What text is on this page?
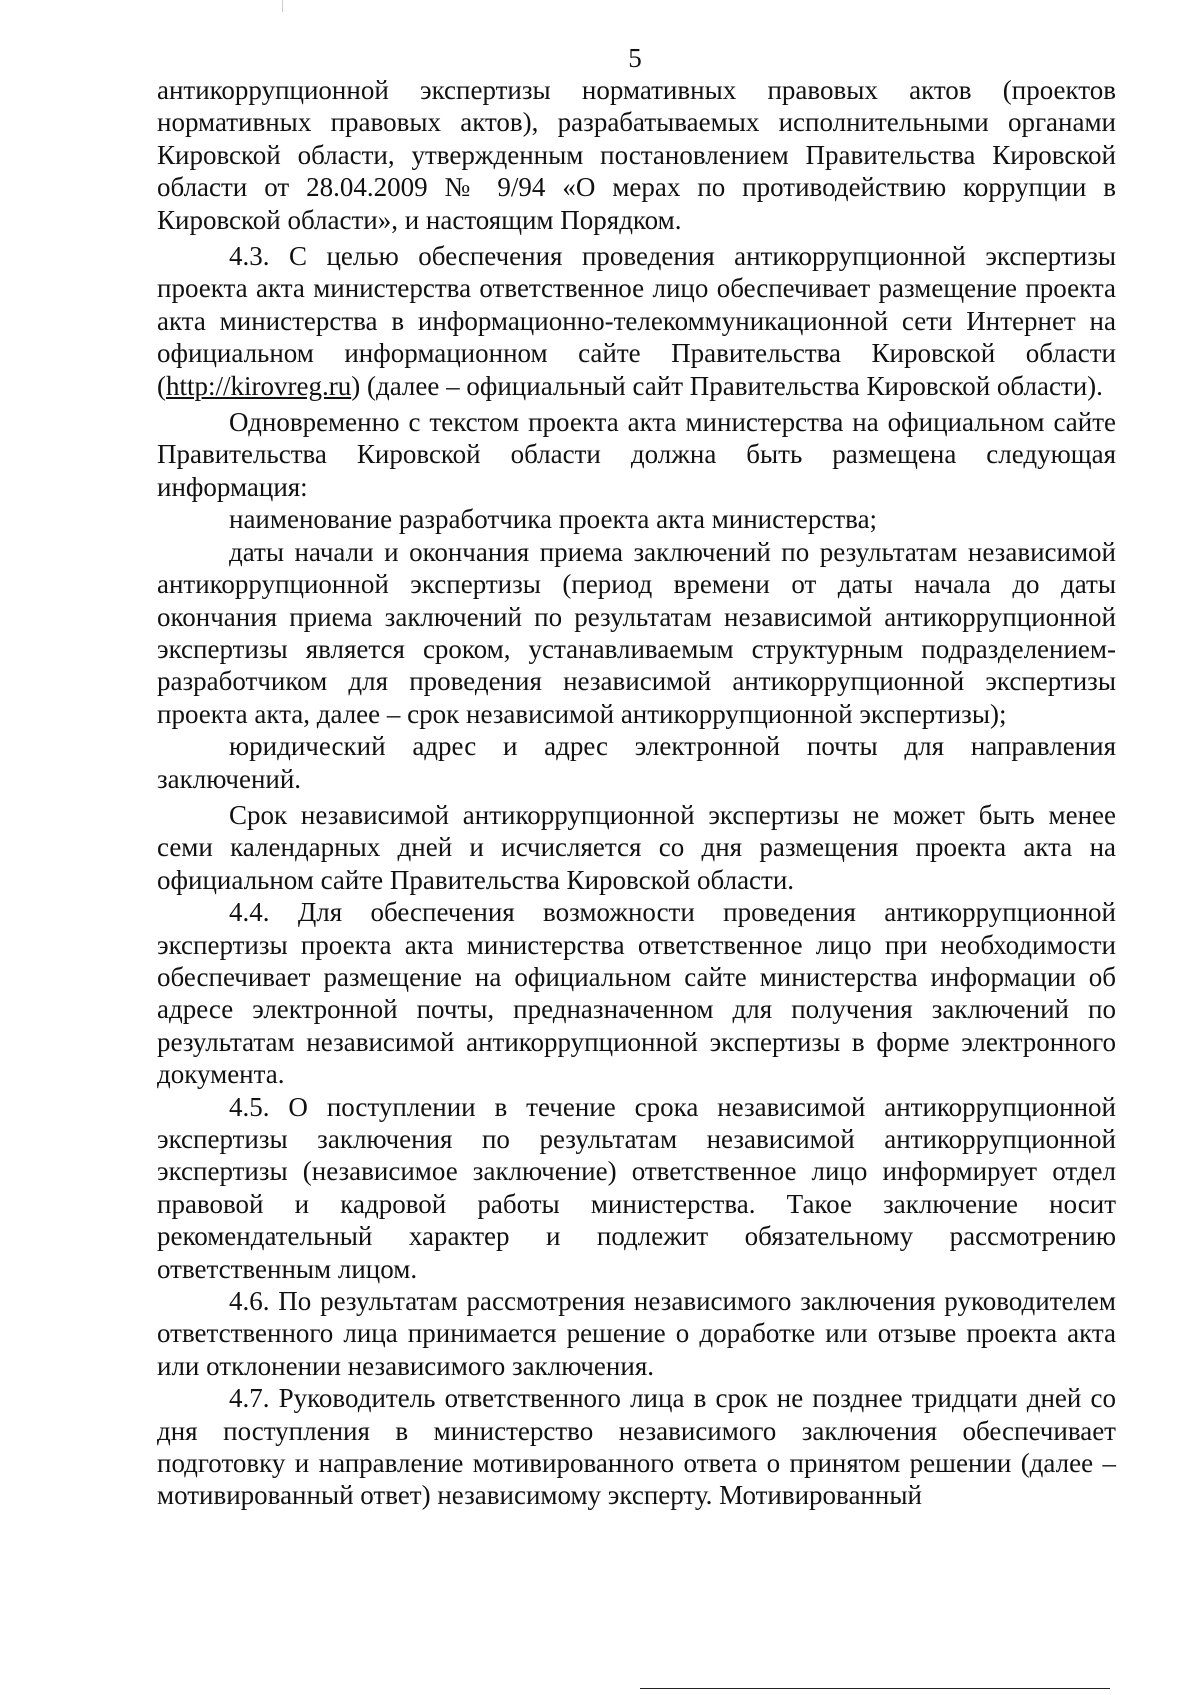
5

антикоррупционной экспертизы нормативных правовых актов (проектов нормативных правовых актов), разрабатываемых исполнительными органами Кировской области, утвержденным постановлением Правительства Кировской области от 28.04.2009 № 9/94 «О мерах по противодействию коррупции в Кировской области», и настоящим Порядком.

4.3. С целью обеспечения проведения антикоррупционной экспертизы проекта акта министерства ответственное лицо обеспечивает размещение проекта акта министерства в информационно-телекоммуникационной сети Интернет на официальном информационном сайте Правительства Кировской области (http://kirovreg.ru) (далее – официальный сайт Правительства Кировской области).

Одновременно с текстом проекта акта министерства на официальном сайте Правительства Кировской области должна быть размещена следующая информация:

наименование разработчика проекта акта министерства;

даты начали и окончания приема заключений по результатам независимой антикоррупционной экспертизы (период времени от даты начала до даты окончания приема заключений по результатам независимой антикоррупционной экспертизы является сроком, устанавливаемым структурным подразделением-разработчиком для проведения независимой антикоррупционной экспертизы проекта акта, далее – срок независимой антикоррупционной экспертизы);

юридический адрес и адрес электронной почты для направления заключений.

Срок независимой антикоррупционной экспертизы не может быть менее семи календарных дней и исчисляется со дня размещения проекта акта на официальном сайте Правительства Кировской области.

4.4. Для обеспечения возможности проведения антикоррупционной экспертизы проекта акта министерства ответственное лицо при необходимости обеспечивает размещение на официальном сайте министерства информации об адресе электронной почты, предназначенном для получения заключений по результатам независимой антикоррупционной экспертизы в форме электронного документа.

4.5. О поступлении в течение срока независимой антикоррупционной экспертизы заключения по результатам независимой антикоррупционной экспертизы (независимое заключение) ответственное лицо информирует отдел правовой и кадровой работы министерства. Такое заключение носит рекомендательный характер и подлежит обязательному рассмотрению ответственным лицом.

4.6. По результатам рассмотрения независимого заключения руководителем ответственного лица принимается решение о доработке или отзыве проекта акта или отклонении независимого заключения.

4.7. Руководитель ответственного лица в срок не позднее тридцати дней со дня поступления в министерство независимого заключения обеспечивает подготовку и направление мотивированного ответа о принятом решении (далее – мотивированный ответ) независимому эксперту. Мотивированный
